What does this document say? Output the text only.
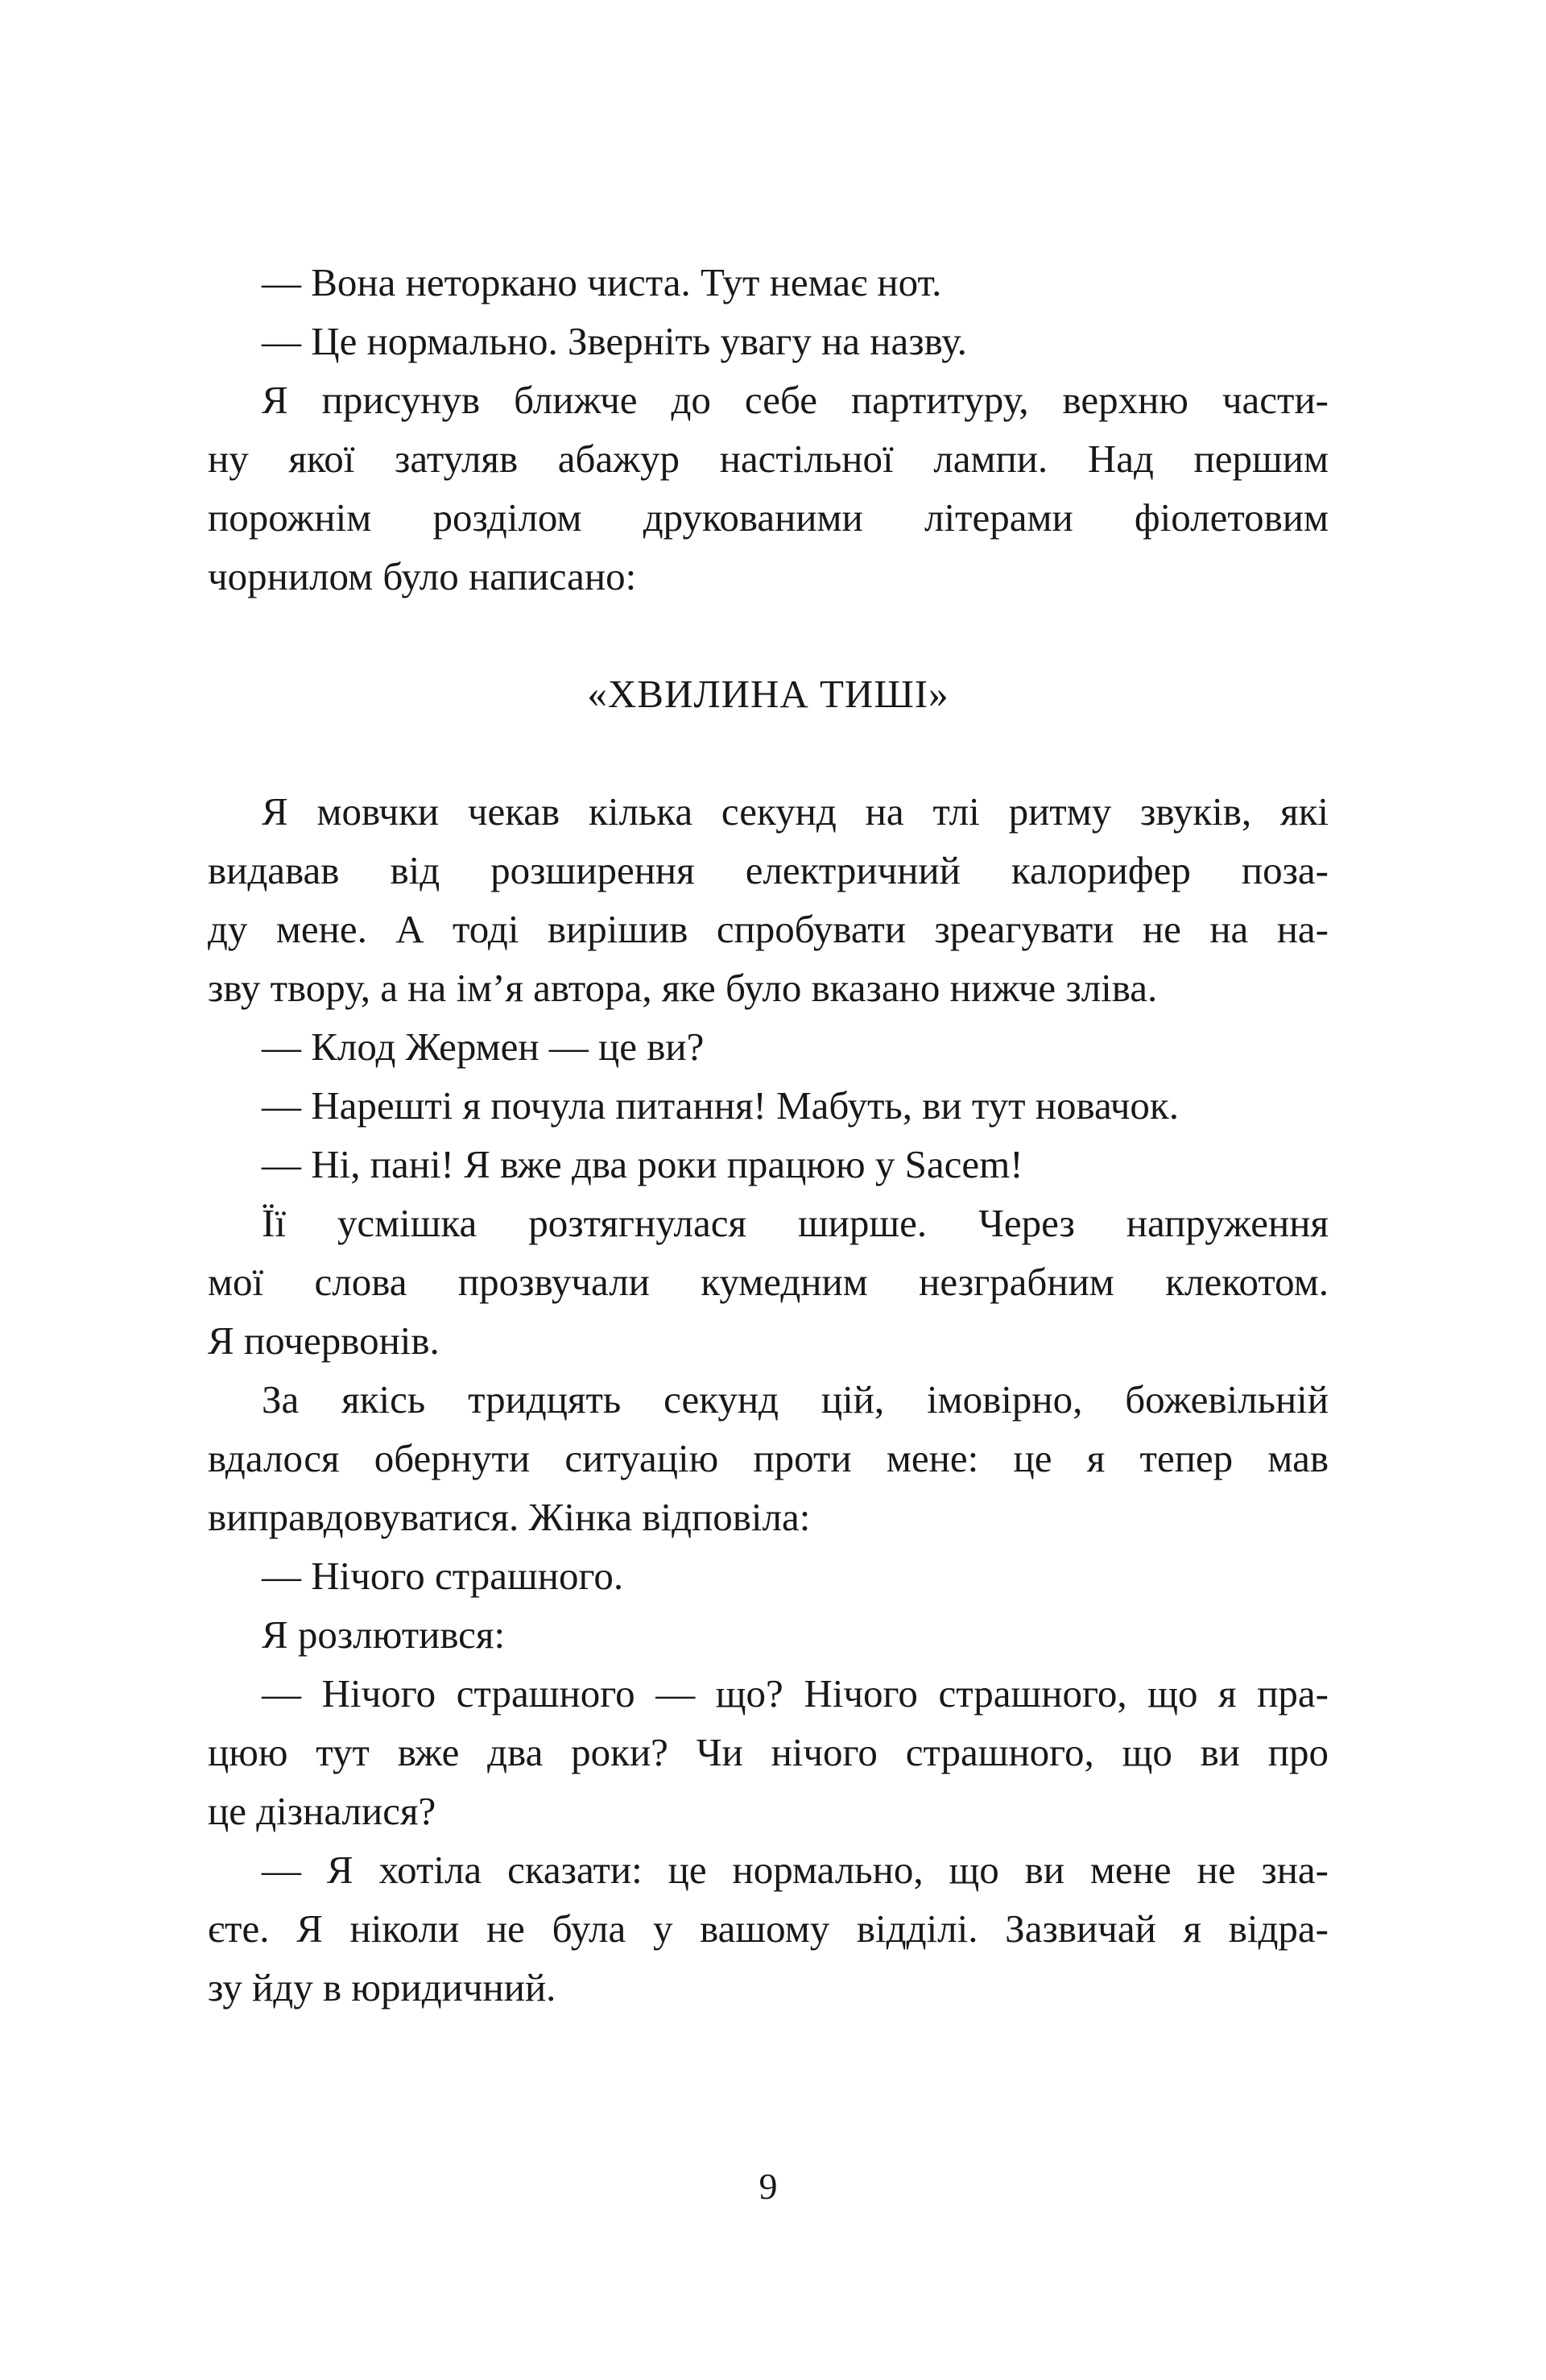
— Вона неторкано чиста. Тут немає нот.
— Це нормально. Зверніть увагу на назву.
Я присунув ближче до себе партитуру, верхню части-
ну якої затуляв абажур настільної лампи. Над першим
порожнім розділом друкованими літерами фіолетовим
чорнилом було написано:
«ХВИЛИНА ТИШІ»
Я мовчки чекав кілька секунд на тлі ритму звуків, які
видавав від розширення електричний калорифер поза-
ду мене. А тоді вирішив спробувати зреагувати не на на-
зву твору, а на ім’я автора, яке було вказано нижче зліва.
— Клод Жермен — це ви?
— Нарешті я почула питання! Мабуть, ви тут новачок.
— Ні, пані! Я вже два роки працюю у Sacem!
Її усмішка розтягнулася ширше. Через напруження
мої слова прозвучали кумедним незграбним клекотом.
Я почервонів.
За якісь тридцять секунд цій, імовірно, божевільній
вдалося обернути ситуацію проти мене: це я тепер мав
виправдовуватися. Жінка відповіла:
— Нічого страшного.
Я розлютився:
— Нічого страшного — що? Нічого страшного, що я пра-
цюю тут вже два роки? Чи нічого страшного, що ви про
це дізналися?
— Я хотіла сказати: це нормально, що ви мене не зна-
єте. Я ніколи не була у вашому відділі. Зазвичай я відра-
зу йду в юридичний.
9
